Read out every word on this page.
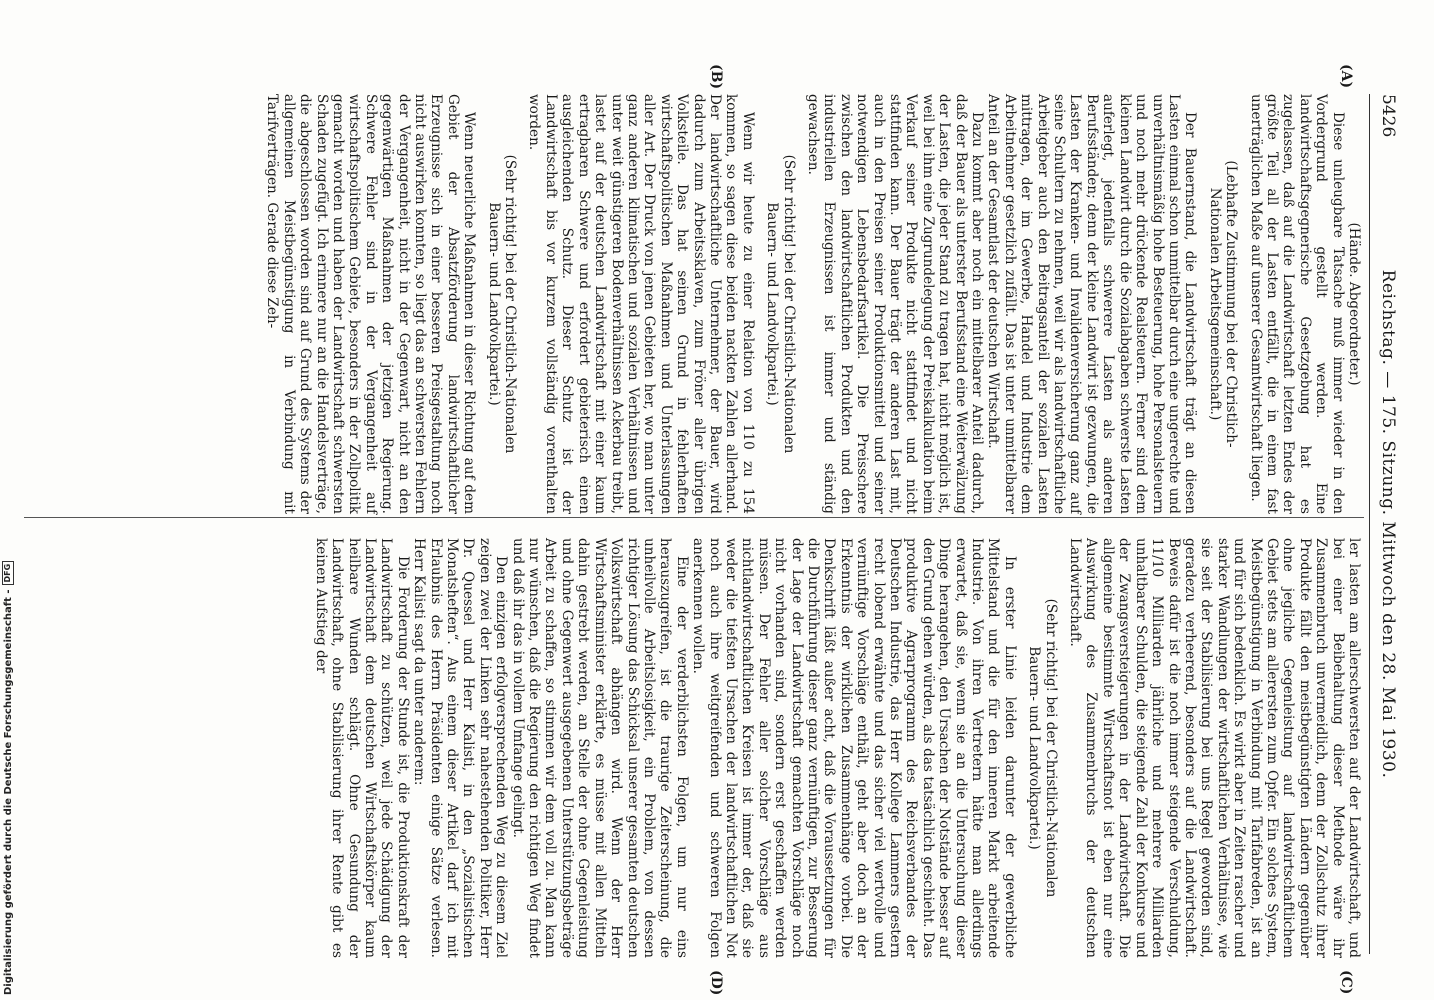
5426
Reichstag. — 175. Sitzung. Mittwoch den 28. Mai 1930.
(A)
(B)
(C)
(D)

(Hände. Abgeordneter.)

Diese unleugbare Tatsache muß immer wieder in den Vordergrund gestellt werden. Eine landwirtschaftsgegnerische Gesetzgebung hat es zugelassen, daß auf die Landwirtschaft letzten Endes der größte Teil all der Lasten entfällt, die in einem fast unerträglichen Maße auf unserer Gesamtwirtschaft liegen.

(Lebhafte Zustimmung bei der Christlich-Nationalen Arbeitsgemeinschaft.)

Der Bauernstand, die Landwirtschaft trägt an diesen Lasten einmal schon unmittelbar durch eine ungerechte und unverhältnismäßig hohe Besteuerung, hohe Personalsteuern und noch mehr drückende Realsteuern. Ferner sind dem kleinen Landwirt durch die Sozialabgaben schwerste Lasten auferlegt, jedenfalls schwerere Lasten als anderen Berufsständen; denn der kleine Landwirt ist gezwungen, die Lasten der Kranken- und Invalidenversicherung ganz auf seine Schultern zu nehmen, weil wir als landwirtschaftliche Arbeitgeber auch den Beitragsanteil der sozialen Lasten mittragen, der im Gewerbe, Handel und Industrie dem Arbeitnehmer gesetzlich zufällt. Das ist unter unmittelbarer Anteil an der Gesamtlast der deutschen Wirtschaft.

Dazu kommt aber noch ein mittelbarer Anteil dadurch, daß der Bauer als unterster Berufsstand eine Weiterwälzung der Lasten, die jeder Stand zu tragen hat, nicht möglich ist, weil bei ihm eine Zugrundelegung der Preiskalkulation beim Verkauf seiner Produkte nicht stattfindet und nicht stattfinden kann. Der Bauer trägt der anderen Last mit, auch in den Preisen seiner Produktionsmittel und seiner notwendigen Lebensbedarfsartikel. Die Preisschere zwischen den landwirtschaftlichen Produkten und den industriellen Erzeugnissen ist immer und ständig gewachsen.

(Sehr richtig! bei der Christlich-Nationalen Bauern- und Landvolkpartei.)

Wenn wir heute zu einer Relation von 110 zu 154 kommen, so sagen diese beiden nackten Zahlen allerhand. Der landwirtschaftliche Unternehmer, der Bauer, wird dadurch zum Arbeitssklaven, zum Fröner aller übrigen Volksteile. Das hat seinen Grund in fehlerhaften wirtschaftspolitischen Maßnahmen und Unterlassungen aller Art. Der Druck von jenen Gebieten her, wo man unter ganz anderen klimatischen und sozialen Verhältnissen und unter weit günstigeren Bodenverhältnissen Ackerbau treibt, lastet auf der deutschen Landwirtschaft mit einer kaum ertragbaren Schwere und erfordert gebieterisch einen ausgleichenden Schutz. Dieser Schutz ist der Landwirtschaft bis vor kurzem vollständig vorenthalten worden.

(Sehr richtig! bei der Christlich-Nationalen Bauern- und Landvolkpartei.)

Wenn neuerliche Maßnahmen in dieser Richtung auf dem Gebiet der Absatzförderung landwirtschaftlicher Erzeugnisse sich in einer besseren Preisgestaltung noch nicht auswirken konnten, so liegt das an schwersten Fehlern der Vergangenheit, nicht in der Gegenwart, nicht an den gegenwärtigen Maßnahmen der jetzigen Regierung. Schwere Fehler sind in der Vergangenheit auf wirtschaftspolitischem Gebiete, besonders in der Zollpolitik gemacht worden und haben der Landwirtschaft schwersten Schaden zugefügt. Ich erinnere nur an die Handelsverträge, die abgeschlossen worden sind auf Grund des Systems der allgemeinen Meistbegünstigung in Verbindung mit Tarifverträgen. Gerade diese Zeh-

ler lasten am allerschwersten auf der Landwirtschaft, und bei einer Beibehaltung dieser Methode wäre ihr Zusammenbruch unvermeidlich, denn der Zollschutz ihrer Produkte fällt den meistbegünstigten Ländern gegenüber ohne jegliche Gegenleistung auf landwirtschaftlichem Gebiet stets am allerersten zum Opfer. Ein solches System, Meistbegünstigung in Verbindung mit Tarifabreden, ist an und für sich bedenklich. Es wirkt aber in Zeiten rascher und starker Wandlungen der wirtschaftlichen Verhältnisse, wie sie seit der Stabilisierung bei uns Regel geworden sind, geradezu verheerend, besonders auf die Landwirtschaft. Beweis dafür ist die noch immer steigende Verschuldung, 11/10 Milliarden jährliche und mehrere Milliarden unhaltbarer Schulden, die steigende Zahl der Konkurse und der Zwangsversteigerungen in der Landwirtschaft. Die allgemeine bestimmte Wirtschaftsnot ist eben nur eine Auswirkung des Zusammenbruchs der deutschen Landwirtschaft.

(Sehr richtig! bei der Christlich-Nationalen Bauern- und Landvolkpartei.)

In erster Linie leiden darunter der gewerbliche Mittelstand und die für den inneren Markt arbeitende Industrie. Von ihren Vertretern hätte man allerdings erwartet, daß sie, wenn sie an die Untersuchung dieser Dinge herangehen, den Ursachen der Notstände besser auf den Grund gehen würden, als das tatsächlich geschieht. Das produktive Agrarprogramm des Reichsverbandes der Deutschen Industrie, das Herr Kollege Lammers gestern recht lobend erwähnte und das sicher viel wertvolle und vernünftige Vorschläge enthält, geht aber doch an der Erkenntnis der wirklichen Zusammenhänge vorbei. Die Denkschrift läßt außer acht, daß die Voraussetzungen für die Durchführung dieser ganz vernünftigen, zur Besserung der Lage der Landwirtschaft gemachten Vorschläge noch nicht vorhanden sind, sondern erst geschaffen werden müssen. Der Fehler aller solcher Vorschläge aus nichtlandwirtschaftlichen Kreisen ist immer der, daß sie weder die tiefsten Ursachen der landwirtschaftlichen Not noch auch ihre weitgreifenden und schweren Folgen anerkennen wollen.

Eine der verderblichsten Folgen, um nur eins herauszugreifen, ist die traurige Zeiterscheinung, die unheilvolle Arbeitslosigkeit, ein Problem, von dessen richtiger Lösung das Schicksal unserer gesamten deutschen Volkswirtschaft abhängen wird. Wenn der Herr Wirtschaftsminister erklärte, es müsse mit allen Mitteln dahin gestrebt werden, an Stelle der ohne Gegenleistung und ohne Gegenwert ausgegebenen Unterstützungsbeträge Arbeit zu schaffen, so stimmen wir dem voll zu. Man kann nur wünschen, daß die Regierung den richtigen Weg findet und daß ihr das in vollem Umfange gelingt.

Den einzigen erfolgversprechenden Weg zu diesem Ziel zeigen zwei der Linken sehr nahestehenden Politiker, Herr Dr. Quessel und Herr Kalisti, in den „Sozialistischen Monatsheften“. Aus einem dieser Artikel darf ich mit Erlaubnis des Herrn Präsidenten einige Sätze verlesen. Herr Kalisti sagt da unter anderem:

Die Forderung der Stunde ist, die Produktionskraft der Landwirtschaft zu schützen, weil jede Schädigung der Landwirtschaft dem deutschen Wirtschaftskörper kaum heilbare Wunden schlägt. Ohne Gesundung der Landwirtschaft, ohne Stabilisierung ihrer Rente gibt es keinen Aufstieg der

Digitalisierung gefördert durch die Deutsche Forschungsgemeinschaft -
DFG
